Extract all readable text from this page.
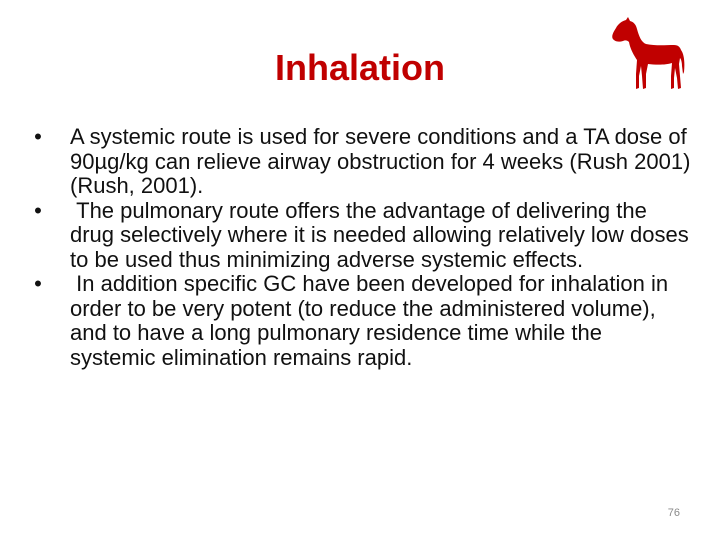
Inhalation
• A systemic route is used for severe conditions and a TA dose of 90µg/kg can relieve airway obstruction for 4 weeks (Rush 2001) (Rush, 2001).
• The pulmonary route offers the advantage of delivering the drug selectively where it is needed allowing relatively low doses to be used thus minimizing adverse systemic effects.
• In addition specific GC have been developed for inhalation in order to be very potent (to reduce the administered volume), and to have a long pulmonary residence time while the systemic elimination remains rapid.
76
